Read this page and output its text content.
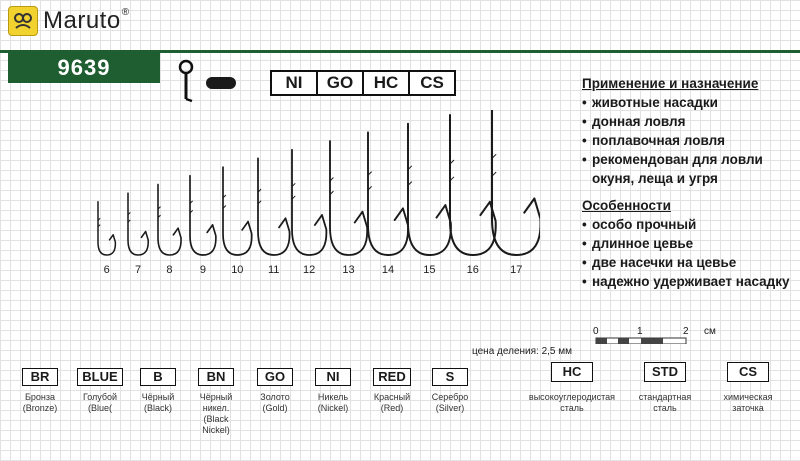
Maruto®
9639
NI	GO	HC	CS	Применение и назначение
• животные насадки
• донная ловля
• поплавочная ловля
• рекомендован для ловли окуня, леща и угря
Особенности
• особо прочный
• длинное цевье
• две насечки на цевье
• надежно удерживает насадку
6	7	8	9	10	11	12	13	14	15	16	17
0	1	2 см
цена деления: 2,5 мм
BR
Бронза
(Bronze)
BLUE
Голубой
(Blue(
B
Чёрный
(Black)
BN
Чёрный
никел.
(Black
Nickel)
GO
Золото
(Gold)
NI
Никель
(Nickel)
RED
Красный
(Red)
S
Серебро
(Silver)
HC
высокоуглеродистая
сталь
STD
стандартная
сталь
CS
химическая
заточка
